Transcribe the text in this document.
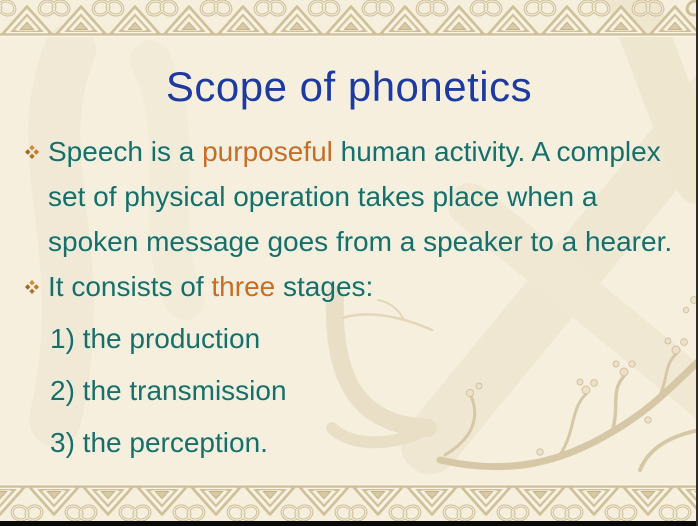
Scope of phonetics
Speech is a purposeful human activity. A complex
set of physical operation takes place when a
spoken message goes from a speaker to a hearer.
It consists of three stages:
1) the production
2) the transmission
3) the perception.
